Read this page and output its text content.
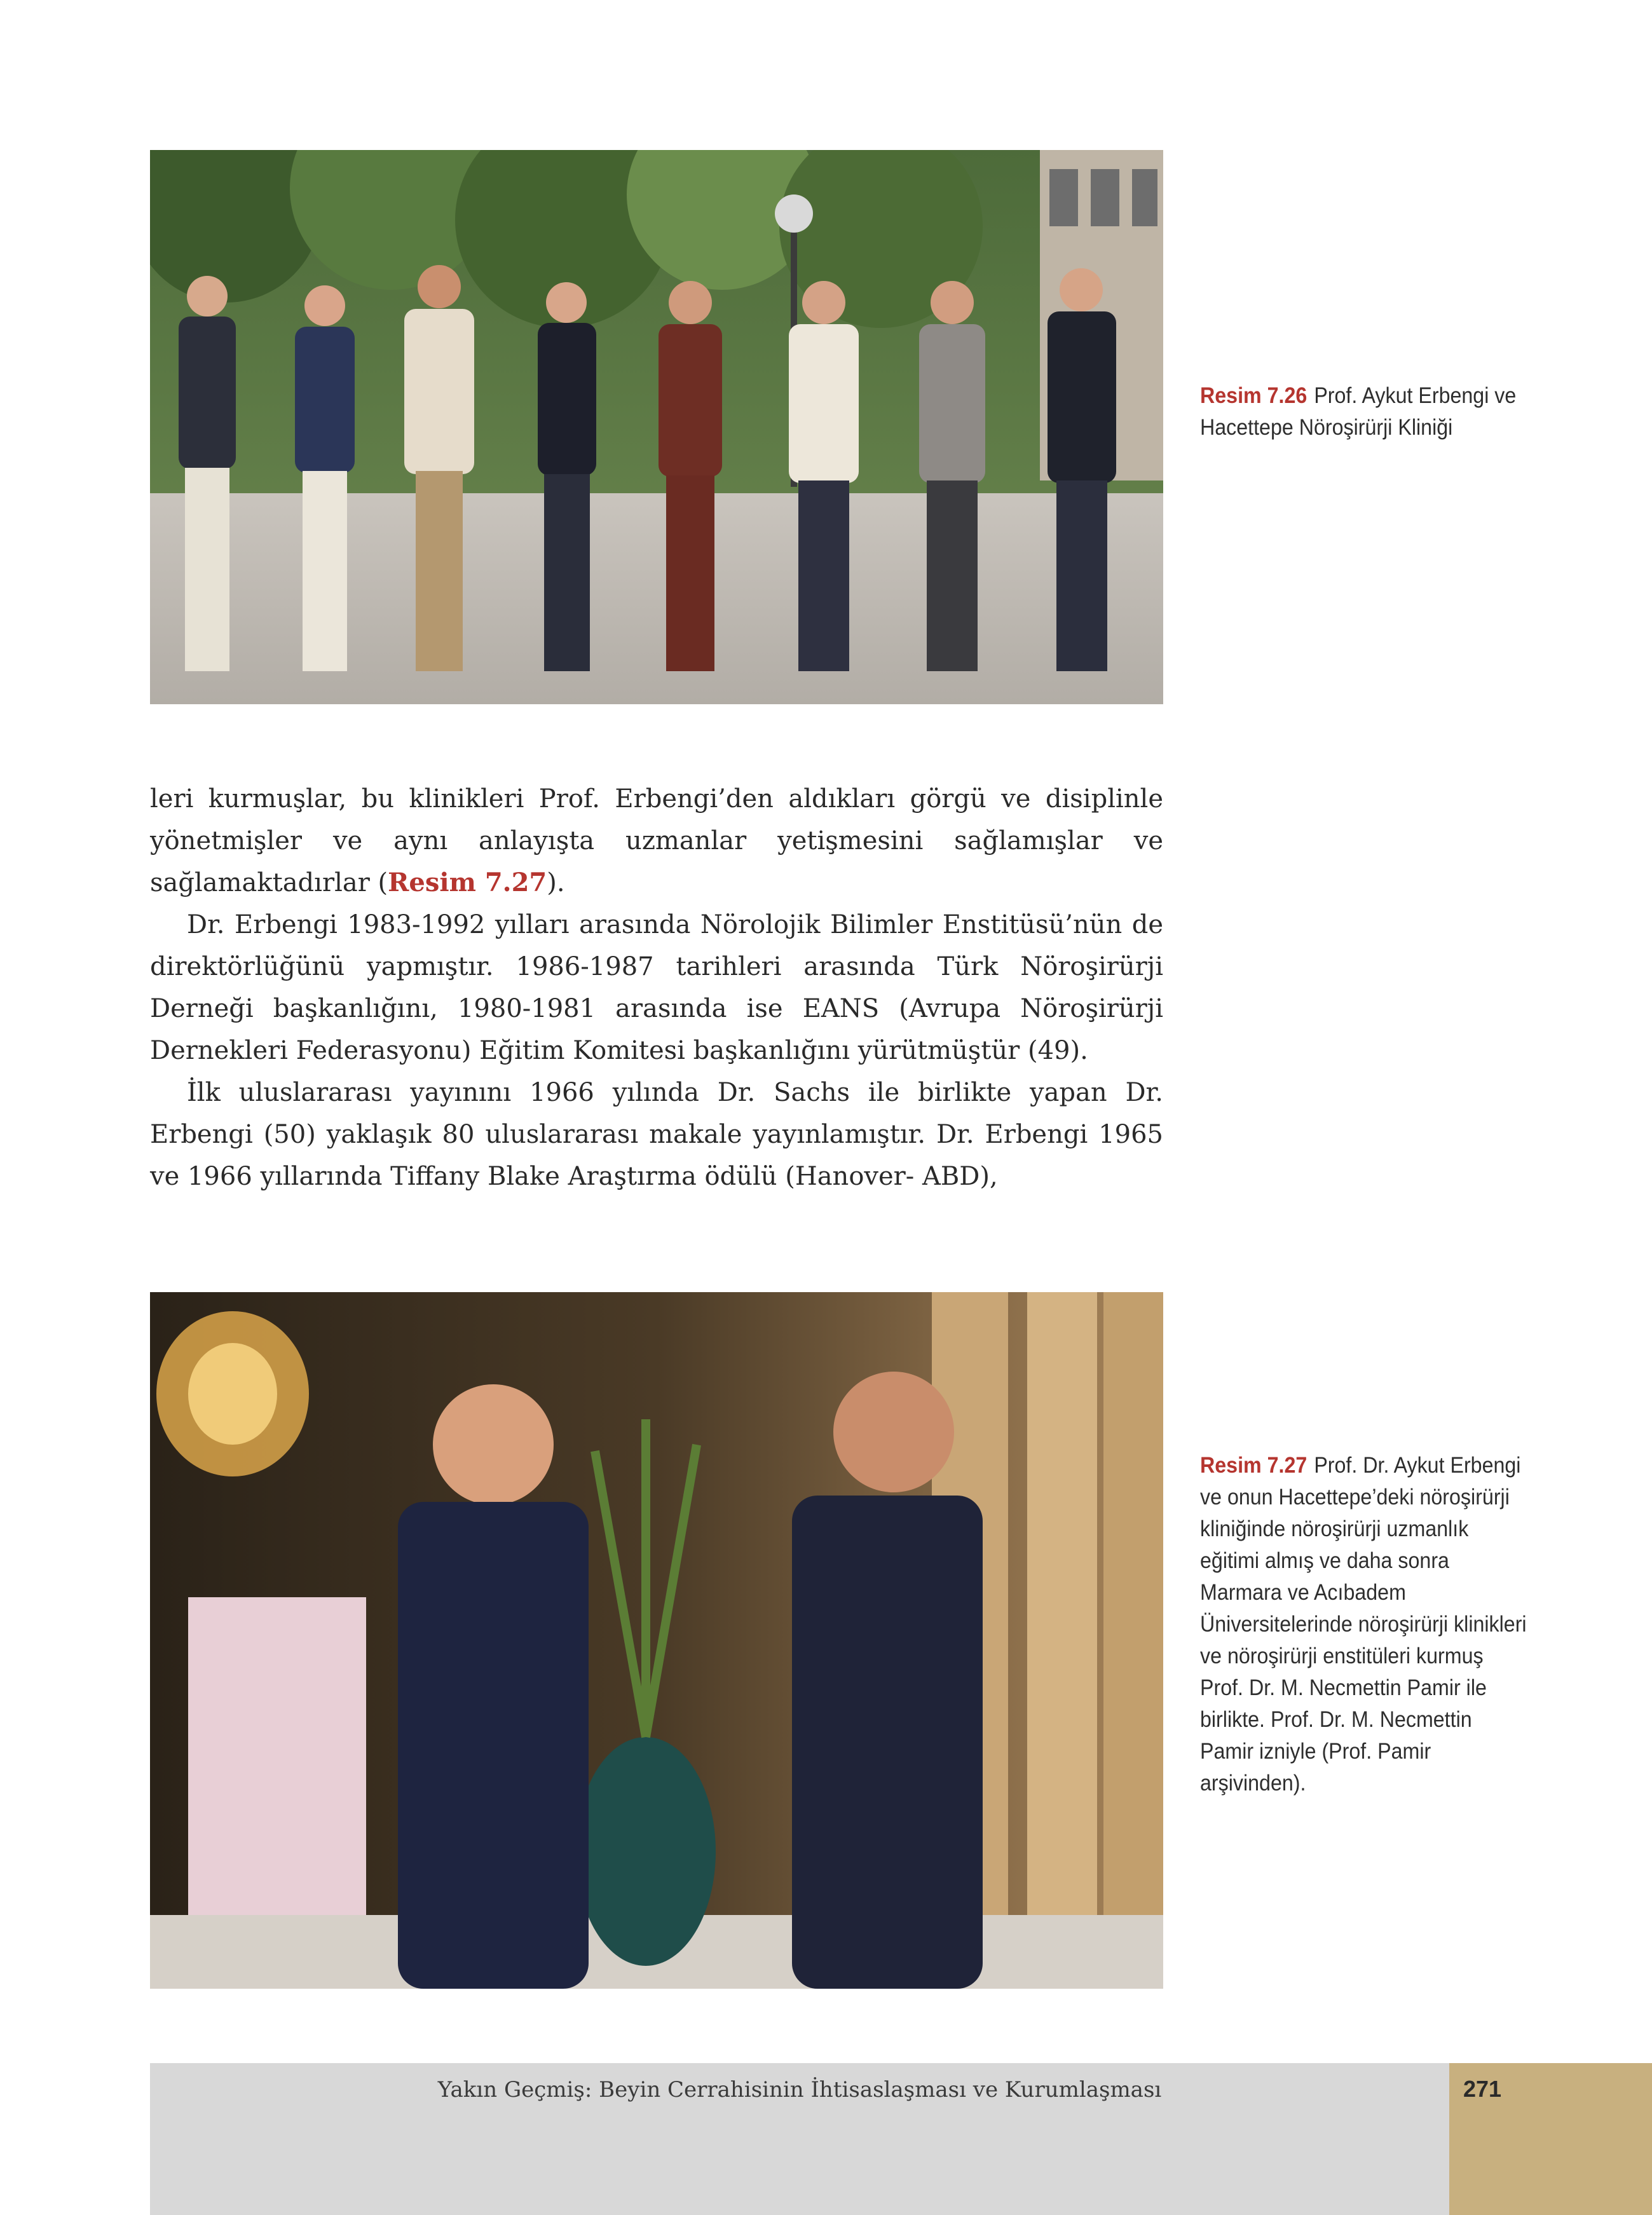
Resim 7.26 Prof. Aykut Erbengi ve Hacettepe Nöroşirürji Kliniği

leri kurmuşlar, bu klinikleri Prof. Erbengi’den aldıkları görgü ve disiplinle yönetmişler ve aynı anlayışta uzmanlar yetişmesini sağlamışlar ve sağlamaktadırlar (Resim 7.27).

Dr. Erbengi 1983-1992 yılları arasında Nörolojik Bilimler Enstitüsü’nün de direktörlüğünü yapmıştır. 1986-1987 tarihleri arasında Türk Nöroşirürji Derneği başkanlığını, 1980-1981 arasında ise EANS (Avrupa Nöroşirürji Dernekleri Federasyonu) Eğitim Komitesi başkanlığını yürütmüştür (49).

İlk uluslararası yayınını 1966 yılında Dr. Sachs ile birlikte yapan Dr. Erbengi (50) yaklaşık 80 uluslararası makale yayınlamıştır. Dr. Erbengi 1965 ve 1966 yıllarında Tiffany Blake Araştırma ödülü (Hanover- ABD),

Resim 7.27 Prof. Dr. Aykut Erbengi ve onun Hacettepe’deki nöroşirürji kliniğinde nöroşirürji uzmanlık eğitimi almış ve daha sonra Marmara ve Acıbadem Üniversitelerinde nöroşirürji klinikleri ve nöroşirürji enstitüleri kurmuş Prof. Dr. M. Necmettin Pamir ile birlikte. Prof. Dr. M. Necmettin Pamir izniyle (Prof. Pamir arşivinden).
Yakın Geçmiş: Beyin Cerrahisinin İhtisaslaşması ve Kurumlaşması	271
